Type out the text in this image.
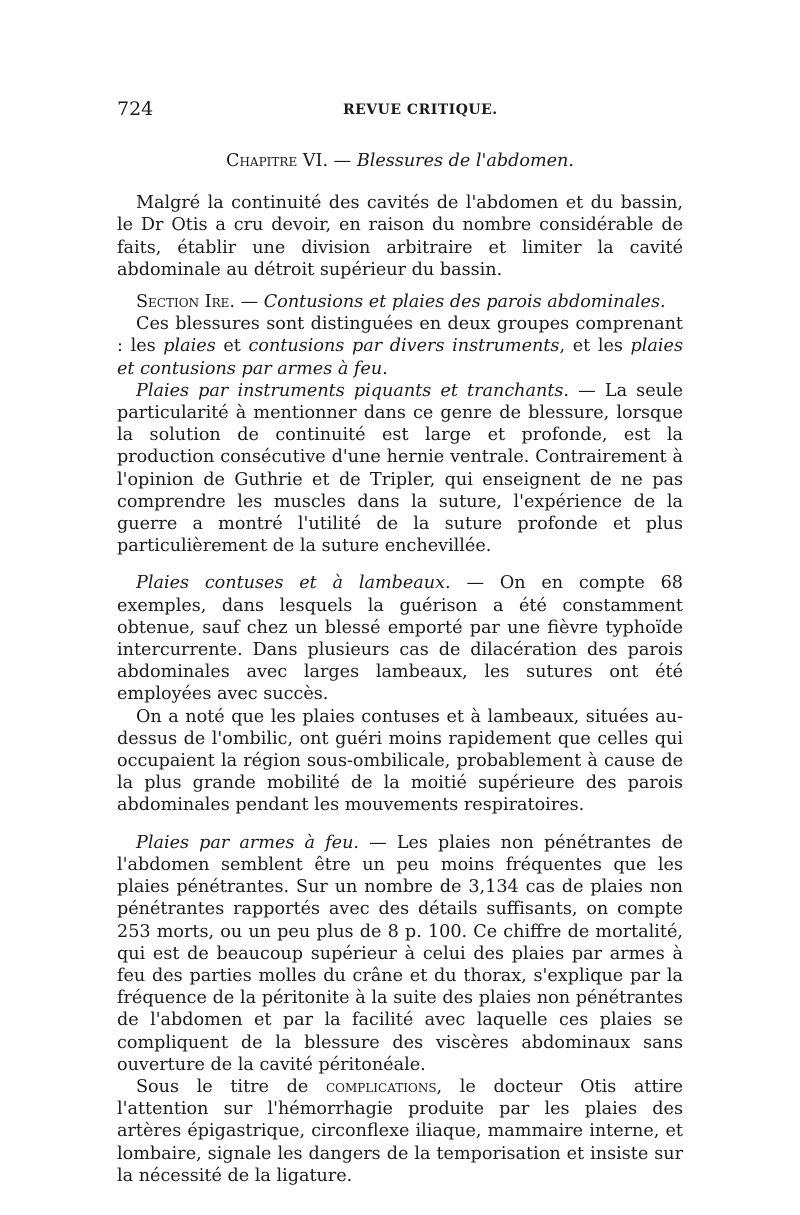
724	REVUE CRITIQUE.
Chapitre VI. — Blessures de l'abdomen.

Malgré la continuité des cavités de l'abdomen et du bassin, le Dr Otis a cru devoir, en raison du nombre considérable de faits, établir une division arbitraire et limiter la cavité abdominale au détroit supérieur du bassin.

Section Ire. — Contusions et plaies des parois abdominales.

Ces blessures sont distinguées en deux groupes comprenant : les plaies et contusions par divers instruments, et les plaies et contusions par armes à feu.

Plaies par instruments piquants et tranchants. — La seule particularité à mentionner dans ce genre de blessure, lorsque la solution de continuité est large et profonde, est la production consécutive d'une hernie ventrale. Contrairement à l'opinion de Guthrie et de Tripler, qui enseignent de ne pas comprendre les muscles dans la suture, l'expérience de la guerre a montré l'utilité de la suture profonde et plus particulièrement de la suture enchevillée.

Plaies contuses et à lambeaux. — On en compte 68 exemples, dans lesquels la guérison a été constamment obtenue, sauf chez un blessé emporté par une fièvre typhoïde intercurrente. Dans plusieurs cas de dilacération des parois abdominales avec larges lambeaux, les sutures ont été employées avec succès.

On a noté que les plaies contuses et à lambeaux, situées au-dessus de l'ombilic, ont guéri moins rapidement que celles qui occupaient la région sous-ombilicale, probablement à cause de la plus grande mobilité de la moitié supérieure des parois abdominales pendant les mouvements respiratoires.

Plaies par armes à feu. — Les plaies non pénétrantes de l'abdomen semblent être un peu moins fréquentes que les plaies pénétrantes. Sur un nombre de 3,134 cas de plaies non pénétrantes rapportés avec des détails suffisants, on compte 253 morts, ou un peu plus de 8 p. 100. Ce chiffre de mortalité, qui est de beaucoup supérieur à celui des plaies par armes à feu des parties molles du crâne et du thorax, s'explique par la fréquence de la péritonite à la suite des plaies non pénétrantes de l'abdomen et par la facilité avec laquelle ces plaies se compliquent de la blessure des viscères abdominaux sans ouverture de la cavité péritonéale.

Sous le titre de complications, le docteur Otis attire l'attention sur l'hémorrhagie produite par les plaies des artères épigastrique, circonflexe iliaque, mammaire interne, et lombaire, signale les dangers de la temporisation et insiste sur la nécessité de la ligature.
